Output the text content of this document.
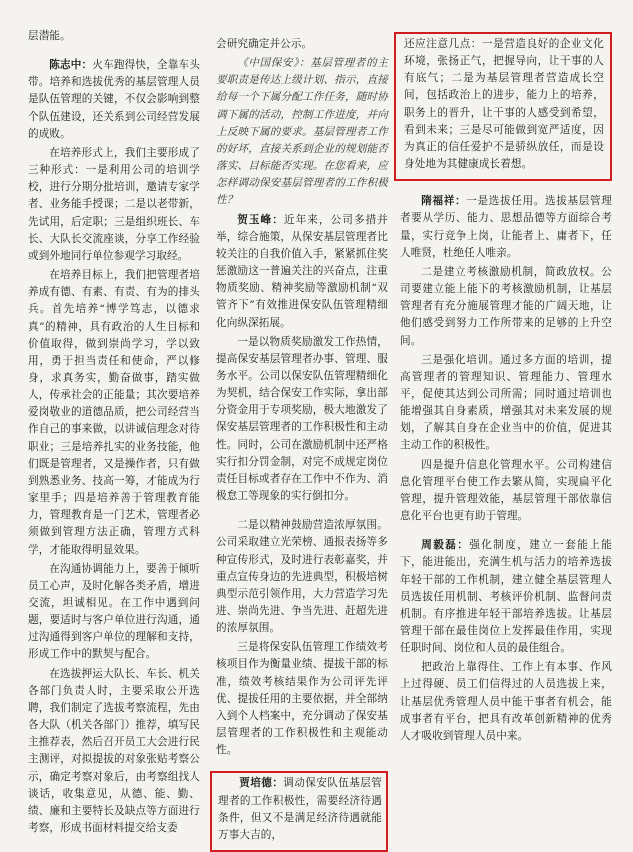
层潜能。

陈志中：火车跑得快，全靠车头带。培养和选拔优秀的基层管理人员是队伍管理的关键，不仅会影响到整个队伍建设，还关系到公司经营发展的成败。

在培养形式上，我们主要形成了三种形式：一是利用公司的培训学校，进行分期分批培训，邀请专家学者、业务能手授课；二是以老带新，先试用，后定职；三是组织班长、车长、大队长交流座谈，分享工作经验或到外地同行单位参观学习取经。

在培养目标上，我们把管理者培养成有德、有素、有责、有为的排头兵。首先培养“博学笃志，以德求真”的精神，具有政治的人生目标和价值取得，做到崇尚学习，学以致用，勇于担当责任和使命，严以修身，求真务实，勤奋做事，踏实做人，传承社会的正能量；其次要培养爱岗敬业的道德品质，把公司经营当作自己的事来做，以讲诚信理念对待职业；三是培养扎实的业务技能，他们既是管理者，又是操作者，只有做到熟悉业务、技高一筹，才能成为行家里手；四是培养善于管理教育能力，管理教育是一门艺术，管理者必须做到管理方法正确，管理方式科学，才能取得明显效果。

在沟通协调能力上，要善于倾听员工心声，及时化解各类矛盾，增进交流，坦诚相见。在工作中遇到问题，要适时与客户单位进行沟通，通过沟通得到客户单位的理解和支持，形成工作中的默契与配合。

在选拔押运大队长、车长、机关各部门负责人时，主要采取公开选聘，我们制定了选拔考察流程，先由各大队（机关各部门）推荐，填写民主推荐表，然后召开员工大会进行民主测评，对拟提拔的对象张贴考察公示，确定考察对象后，由考察组找人谈话，收集意见，从德、能、勤、绩、廉和主要特长及缺点等方面进行考察，形成书面材料提交给支委

会研究确定并公示。

《中国保安》：基层管理者的主要职责是传达上级计划、指示，直接给每一个下属分配工作任务，随时协调下属的活动，控制工作进度，并向上反映下属的要求。基层管理者工作的好坏，直接关系到企业的规划能否落实、目标能否实现。在您看来，应怎样调动保安基层管理者的工作积极性？

贺玉峰：近年来，公司多措并举，综合施策，从保安基层管理者比较关注的自我价值入手，紧紧抓住奖惩激励这一普遍关注的兴奋点，注重物质奖励、精神奖励等激励机制“双管齐下”有效推进保安队伍管理精细化向纵深拓展。

一是以物质奖励激发工作热情，提高保安基层管理者办事、管理、服务水平。公司以保安队伍管理精细化为契机，结合保安工作实际，拿出部分资金用于专项奖励，极大地激发了保安基层管理者的工作积极性和主动性。同时，公司在激励机制中还严格实行扣分罚金制，对完不成规定岗位责任目标或者存在工作中不作为、消极怠工等现象的实行倒扣分。

二是以精神鼓励营造浓厚氛围。公司采取建立光荣榜、通报表扬等多种宣传形式，及时进行表彰嘉奖，并重点宣传身边的先进典型，积极培树典型示范引领作用，大力营造学习先进、崇尚先进、争当先进、赶超先进的浓厚氛围。

三是将保安队伍管理工作绩效考核项目作为衡量业绩、提拔干部的标准，绩效考核结果作为公司评先评优、提拔任用的主要依据，并全部纳入到个人档案中，充分调动了保安基层管理者的工作积极性和主观能动性。

贾培德：调动保安队伍基层管理者的工作积极性，需要经济待遇条件，但又不是满足经济待遇就能万事大吉的，

还应注意几点：一是营造良好的企业文化环境，张扬正气，把握导向，让干事的人有底气；二是为基层管理者营造成长空间，包括政治上的进步，能力上的培养，职务上的晋升，让干事的人感受到希望，看到未来；三是尽可能做到宽严适度，因为真正的信任爱护不是骄纵放任，而是设身处地为其健康成长着想。

隋福祥：一是选拔任用。选拔基层管理者要从学历、能力、思想品德等方面综合考量，实行竞争上岗，让能者上、庸者下，任人唯贤，杜绝任人唯亲。

二是建立考核激励机制，简政放权。公司要建立能上能下的考核激励机制，让基层管理者有充分施展管理才能的广阔天地，让他们感受到努力工作所带来的足够的上升空间。

三是强化培训。通过多方面的培训，提高管理者的管理知识、管理能力、管理水平，促使其达到公司所需；同时通过培训也能增强其自身素质，增强其对未来发展的规划，了解其自身在企业当中的价值，促进其主动工作的积极性。

四是提升信息化管理水平。公司构建信息化管理平台使工作去繁从简，实现扁平化管理，提升管理效能，基层管理干部依靠信息化平台也更有助于管理。

周毅磊：强化制度，建立一套能上能下，能进能出，充满生机与活力的培养选拔年轻干部的工作机制，建立健全基层管理人员选拔任用机制、考核评价机制、监督问责机制。有序推进年轻干部培养选拔。让基层管理干部在最佳岗位上发挥最佳作用，实现任职时间、岗位和人员的最佳组合。

把政治上靠得住、工作上有本事、作风上过得硬、员工们信得过的人员选拔上来，让基层优秀管理人员中能干事者有机会，能成事者有平台，把具有改革创新精神的优秀人才吸收到管理人员中来。
